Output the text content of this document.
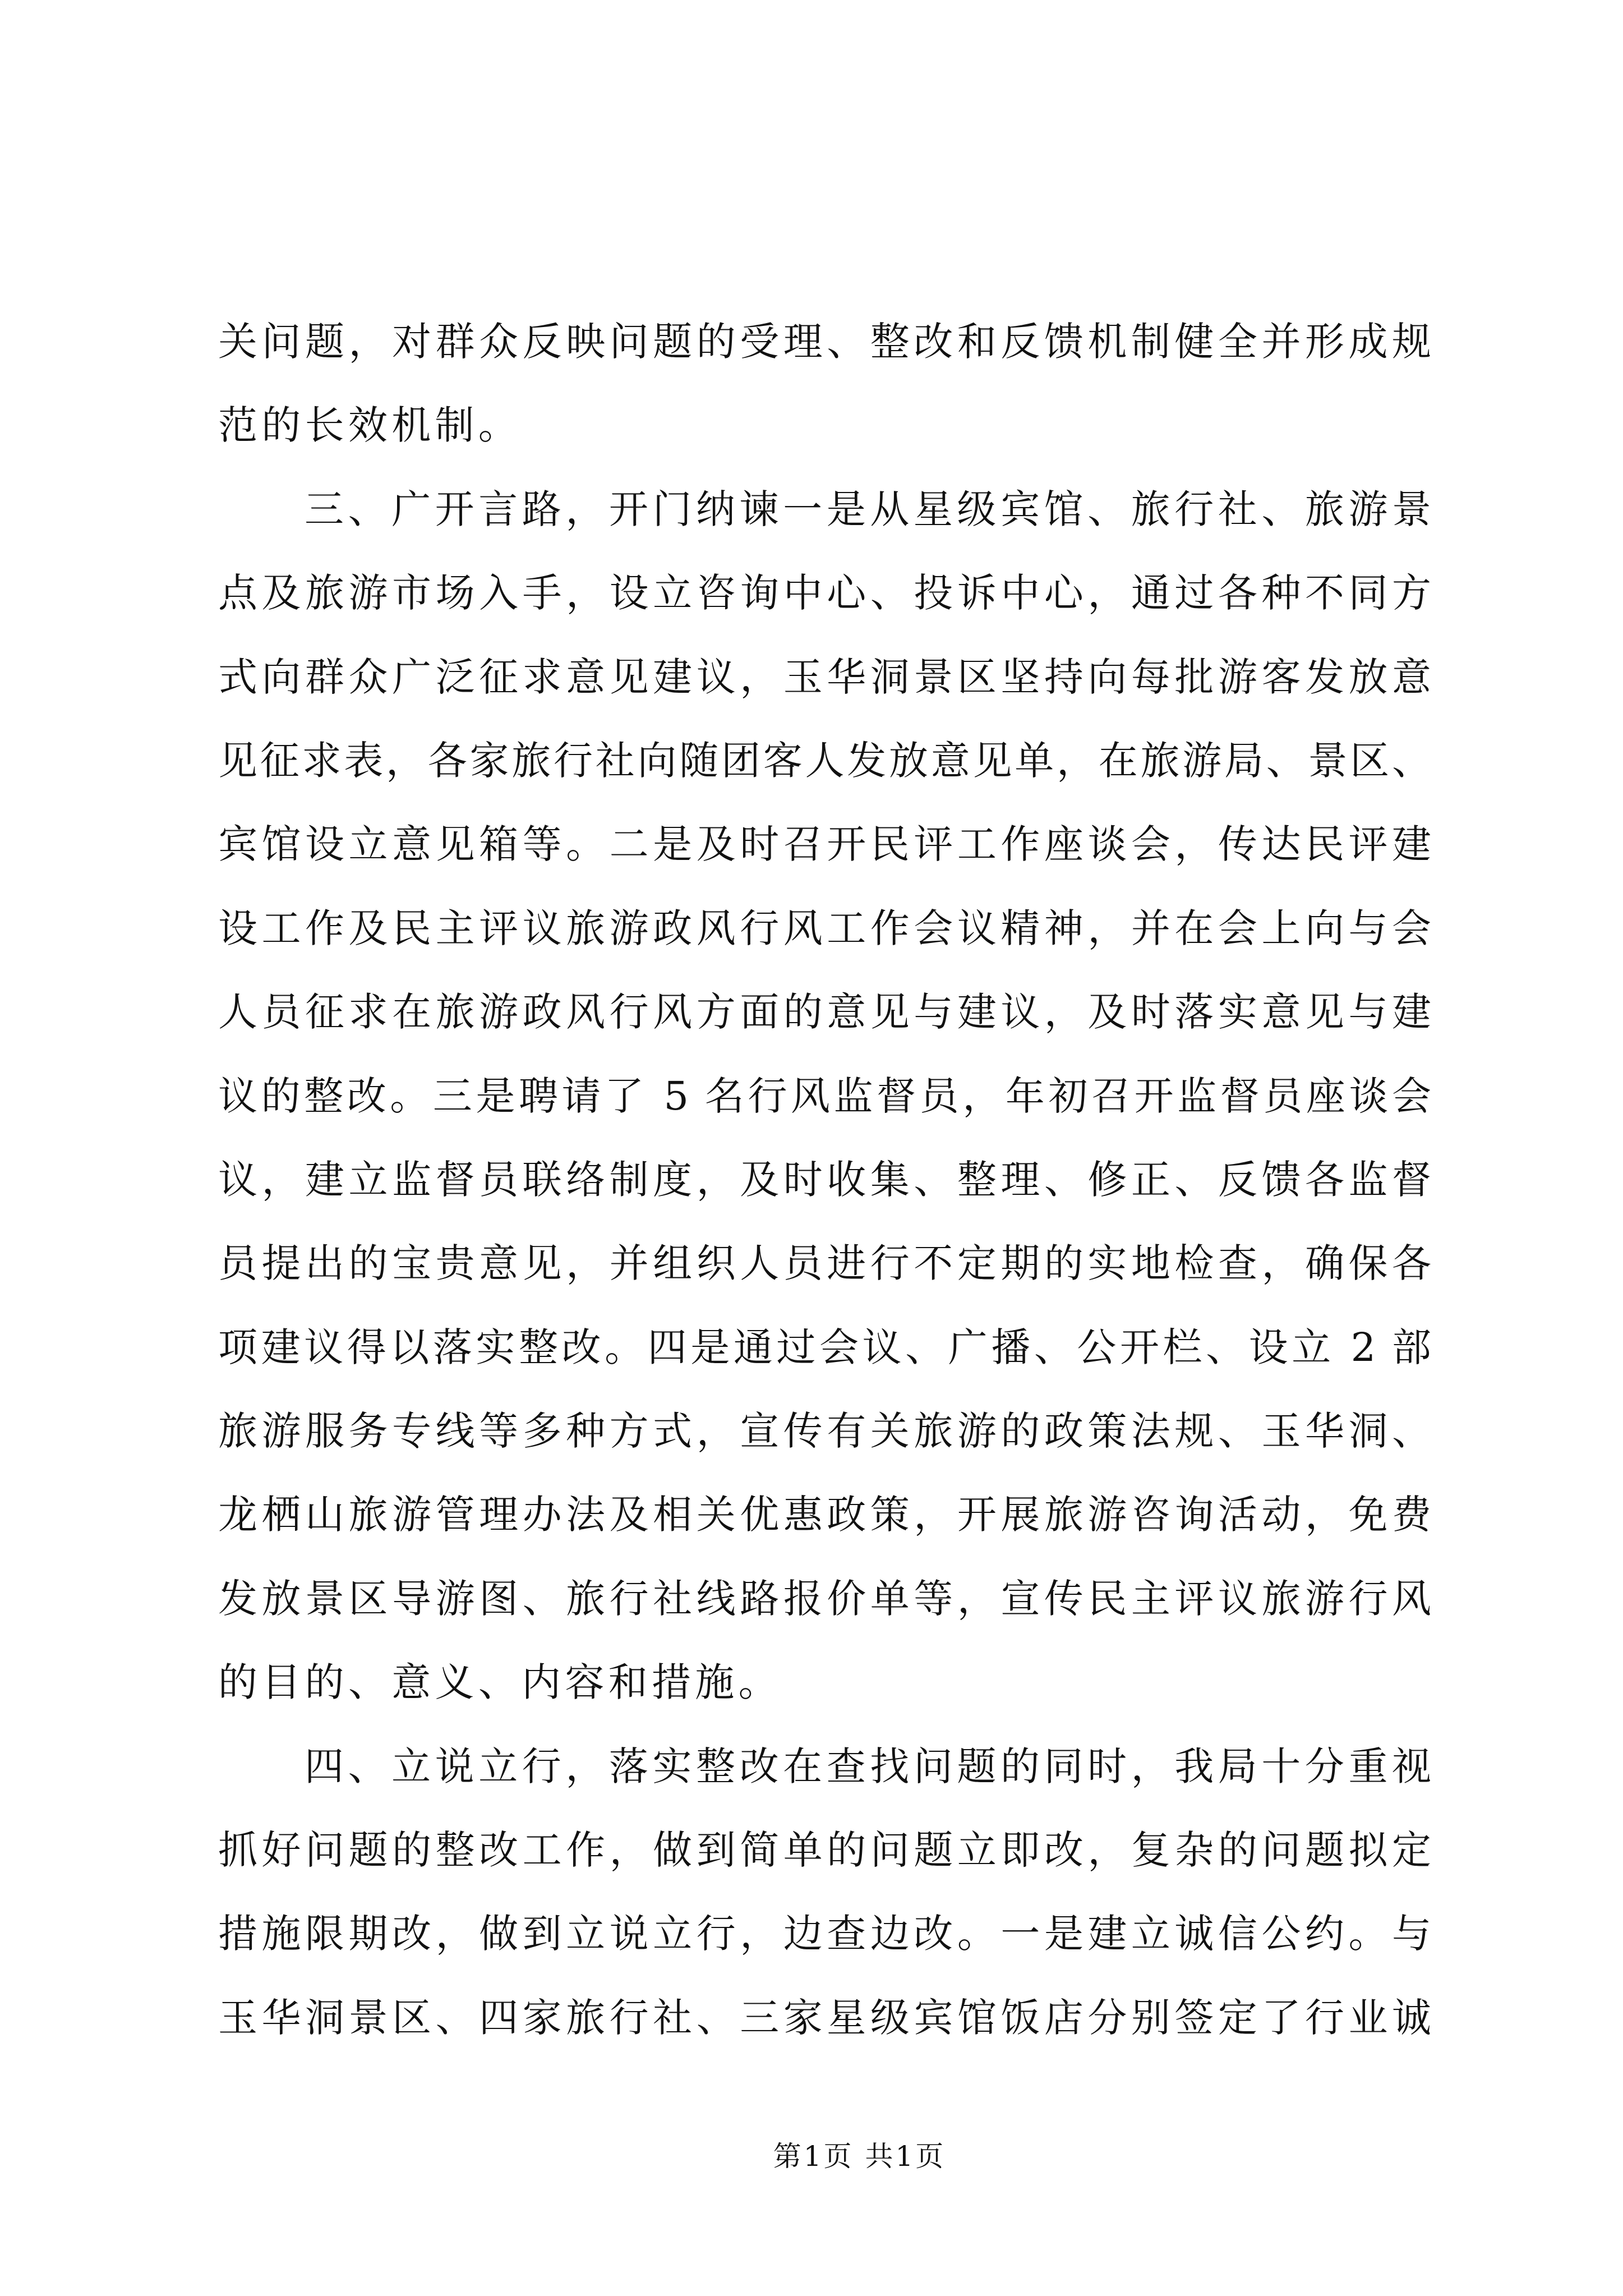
关问题，对群众反映问题的受理、整改和反馈机制健全并形成规
范的长效机制。
三、广开言路，开门纳谏一是从星级宾馆、旅行社、旅游景
点及旅游市场入手，设立咨询中心、投诉中心，通过各种不同方
式向群众广泛征求意见建议，玉华洞景区坚持向每批游客发放意
见征求表，各家旅行社向随团客人发放意见单，在旅游局、景区、
宾馆设立意见箱等。二是及时召开民评工作座谈会，传达民评建
设工作及民主评议旅游政风行风工作会议精神，并在会上向与会
人员征求在旅游政风行风方面的意见与建议，及时落实意见与建
议的整改。三是聘请了 5 名行风监督员，年初召开监督员座谈会
议，建立监督员联络制度，及时收集、整理、修正、反馈各监督
员提出的宝贵意见，并组织人员进行不定期的实地检查，确保各
项建议得以落实整改。四是通过会议、广播、公开栏、设立 2 部
旅游服务专线等多种方式，宣传有关旅游的政策法规、玉华洞、
龙栖山旅游管理办法及相关优惠政策，开展旅游咨询活动，免费
发放景区导游图、旅行社线路报价单等，宣传民主评议旅游行风
的目的、意义、内容和措施。
四、立说立行，落实整改在查找问题的同时，我局十分重视
抓好问题的整改工作，做到简单的问题立即改，复杂的问题拟定
措施限期改，做到立说立行，边查边改。一是建立诚信公约。与
玉华洞景区、四家旅行社、三家星级宾馆饭店分别签定了行业诚
第1页 共1页
